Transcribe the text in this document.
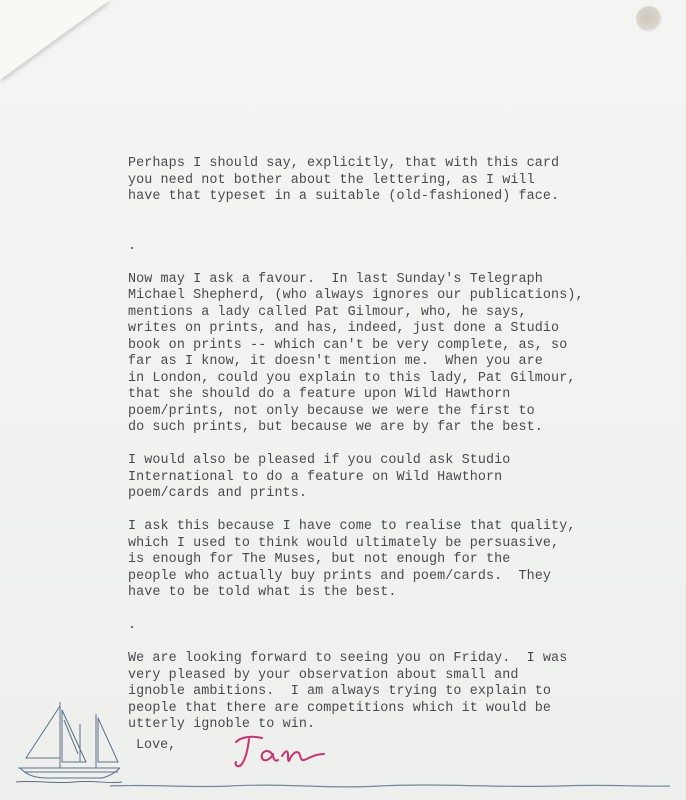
Perhaps I should say, explicitly, that with this card
you need not bother about the lettering, as I will
have that typeset in a suitable (old-fashioned) face.
.
Now may I ask a favour.  In last Sunday's Telegraph
Michael Shepherd, (who always ignores our publications),
mentions a lady called Pat Gilmour, who, he says,
writes on prints, and has, indeed, just done a Studio
book on prints -- which can't be very complete, as, so
far as I know, it doesn't mention me.  When you are
in London, could you explain to this lady, Pat Gilmour,
that she should do a feature upon Wild Hawthorn
poem/prints, not only because we were the first to
do such prints, but because we are by far the best.
I would also be pleased if you could ask Studio
International to do a feature on Wild Hawthorn
poem/cards and prints.
I ask this because I have come to realise that quality,
which I used to think would ultimately be persuasive,
is enough for The Muses, but not enough for the
people who actually buy prints and poem/cards.  They
have to be told what is the best.
.
We are looking forward to seeing you on Friday.  I was
very pleased by your observation about small and
ignoble ambitions.  I am always trying to explain to
people that there are competitions which it would be
utterly ignoble to win.
Love,
